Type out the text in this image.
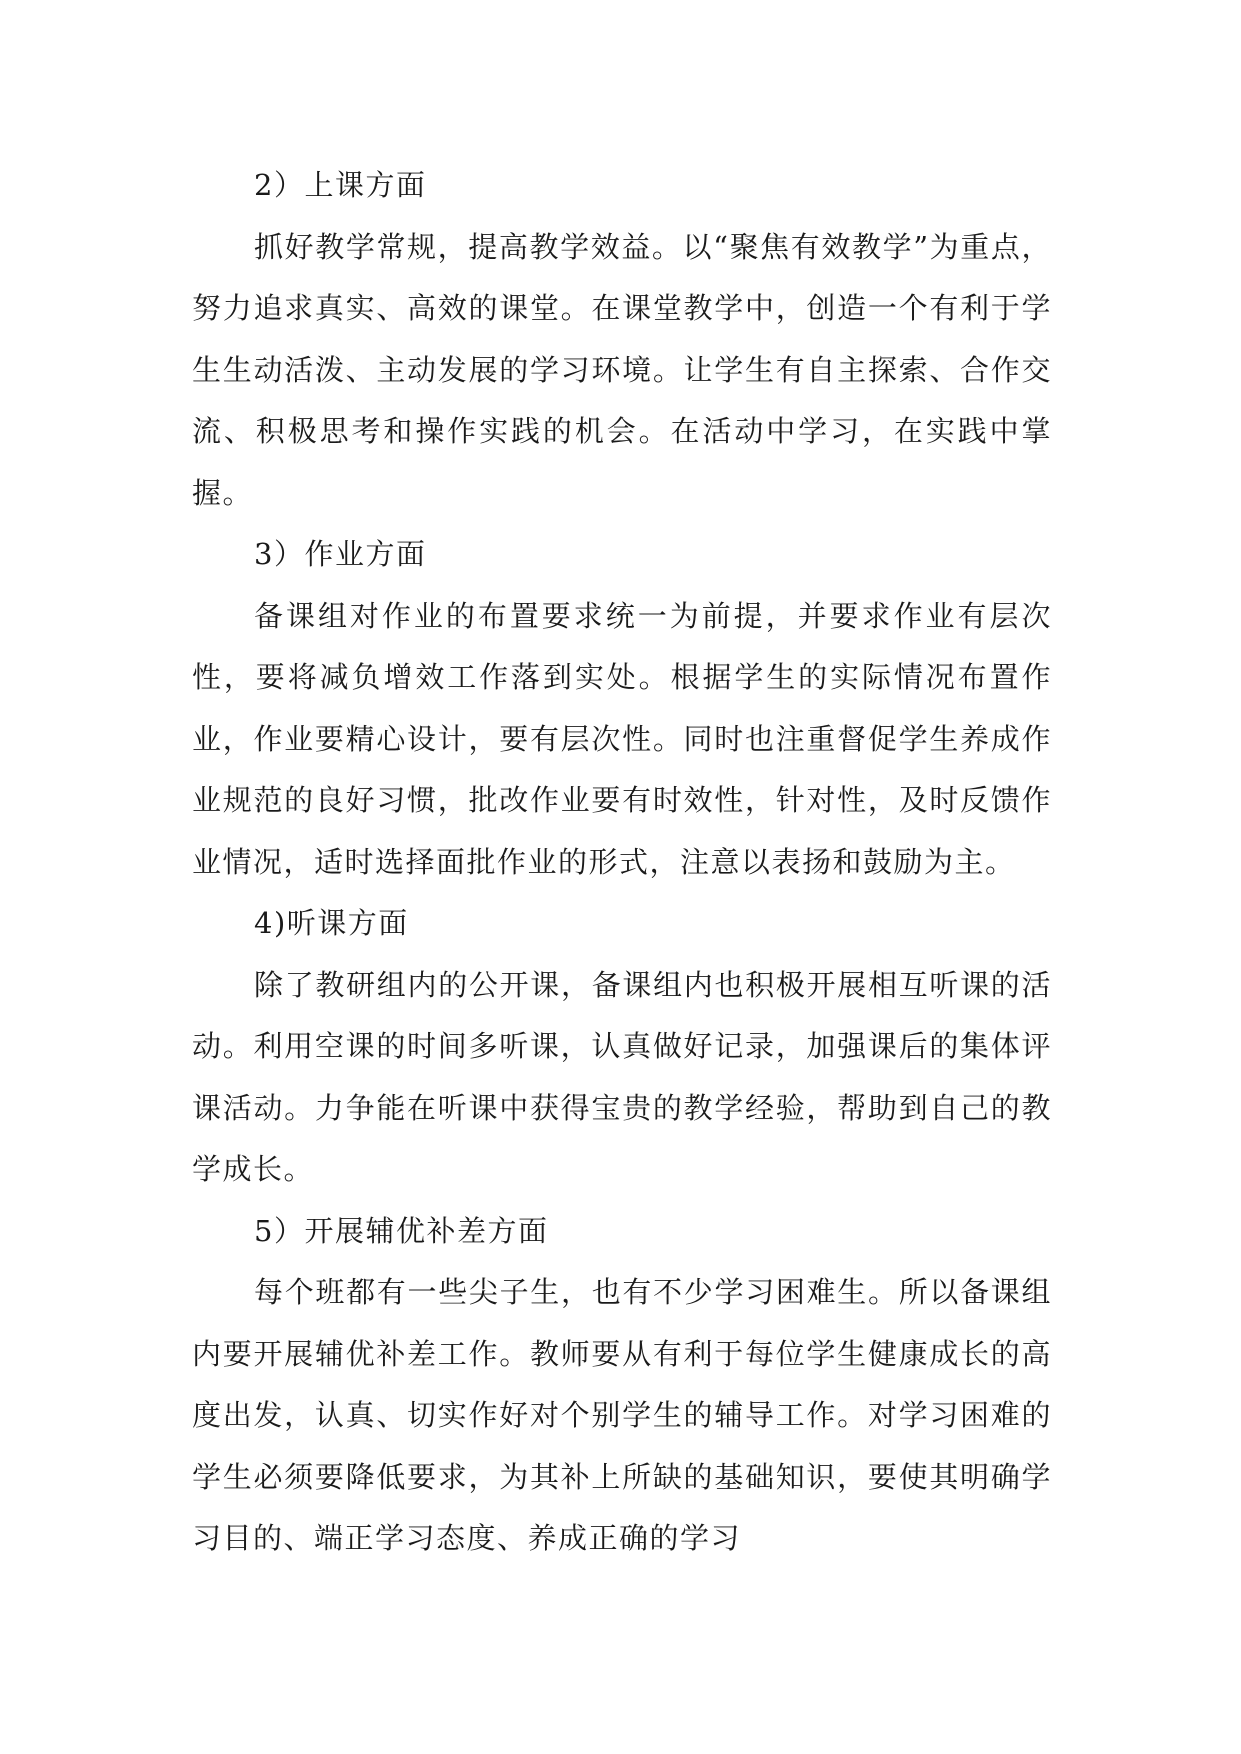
2）上课方面

抓好教学常规，提高教学效益。以“聚焦有效教学”为重点，努力追求真实、高效的课堂。在课堂教学中，创造一个有利于学生生动活泼、主动发展的学习环境。让学生有自主探索、合作交流、积极思考和操作实践的机会。在活动中学习，在实践中掌握。

3）作业方面

备课组对作业的布置要求统一为前提，并要求作业有层次性，要将减负增效工作落到实处。根据学生的实际情况布置作业，作业要精心设计，要有层次性。同时也注重督促学生养成作业规范的良好习惯，批改作业要有时效性，针对性，及时反馈作业情况，适时选择面批作业的形式，注意以表扬和鼓励为主。

4)听课方面

除了教研组内的公开课，备课组内也积极开展相互听课的活动。利用空课的时间多听课，认真做好记录，加强课后的集体评课活动。力争能在听课中获得宝贵的教学经验，帮助到自己的教学成长。

5）开展辅优补差方面

每个班都有一些尖子生，也有不少学习困难生。所以备课组内要开展辅优补差工作。教师要从有利于每位学生健康成长的高度出发，认真、切实作好对个别学生的辅导工作。对学习困难的学生必须要降低要求，为其补上所缺的基础知识，要使其明确学习目的、端正学习态度、养成正确的学习
